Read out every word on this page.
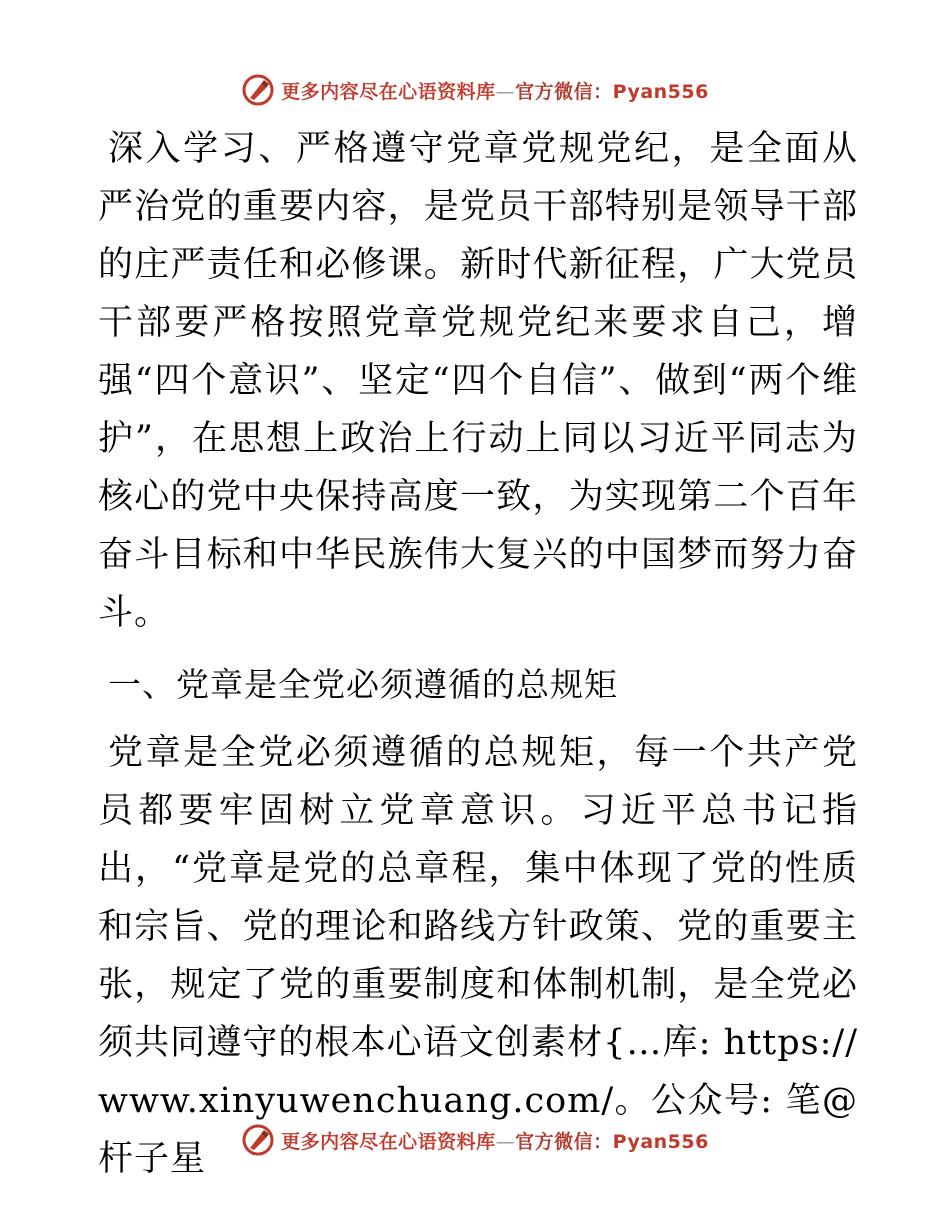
更多内容尽在心语资料库—官方微信：Pyan556

深入学习、严格遵守党章党规党纪，是全面从严治党的重要内容，是党员干部特别是领导干部的庄严责任和必修课。新时代新征程，广大党员干部要严格按照党章党规党纪来要求自己，增强“四个意识”、坚定“四个自信”、做到“两个维护”，在思想上政治上行动上同以习近平同志为核心的党中央保持高度一致，为实现第二个百年奋斗目标和中华民族伟大复兴的中国梦而努力奋斗。

一、党章是全党必须遵循的总规矩

党章是全党必须遵循的总规矩，每一个共产党员都要牢固树立党章意识。习近平总书记指出，“党章是党的总章程，集中体现了党的性质和宗旨、党的理论和路线方针政策、党的重要主张，规定了党的重要制度和体制机制，是全党必须共同遵守的根本心语文创素材{…库: https://www.xinyuwenchuang.com/。公众号: 笔@杆子星	更多内容尽在心语资料库—官方微信：Pyan556
